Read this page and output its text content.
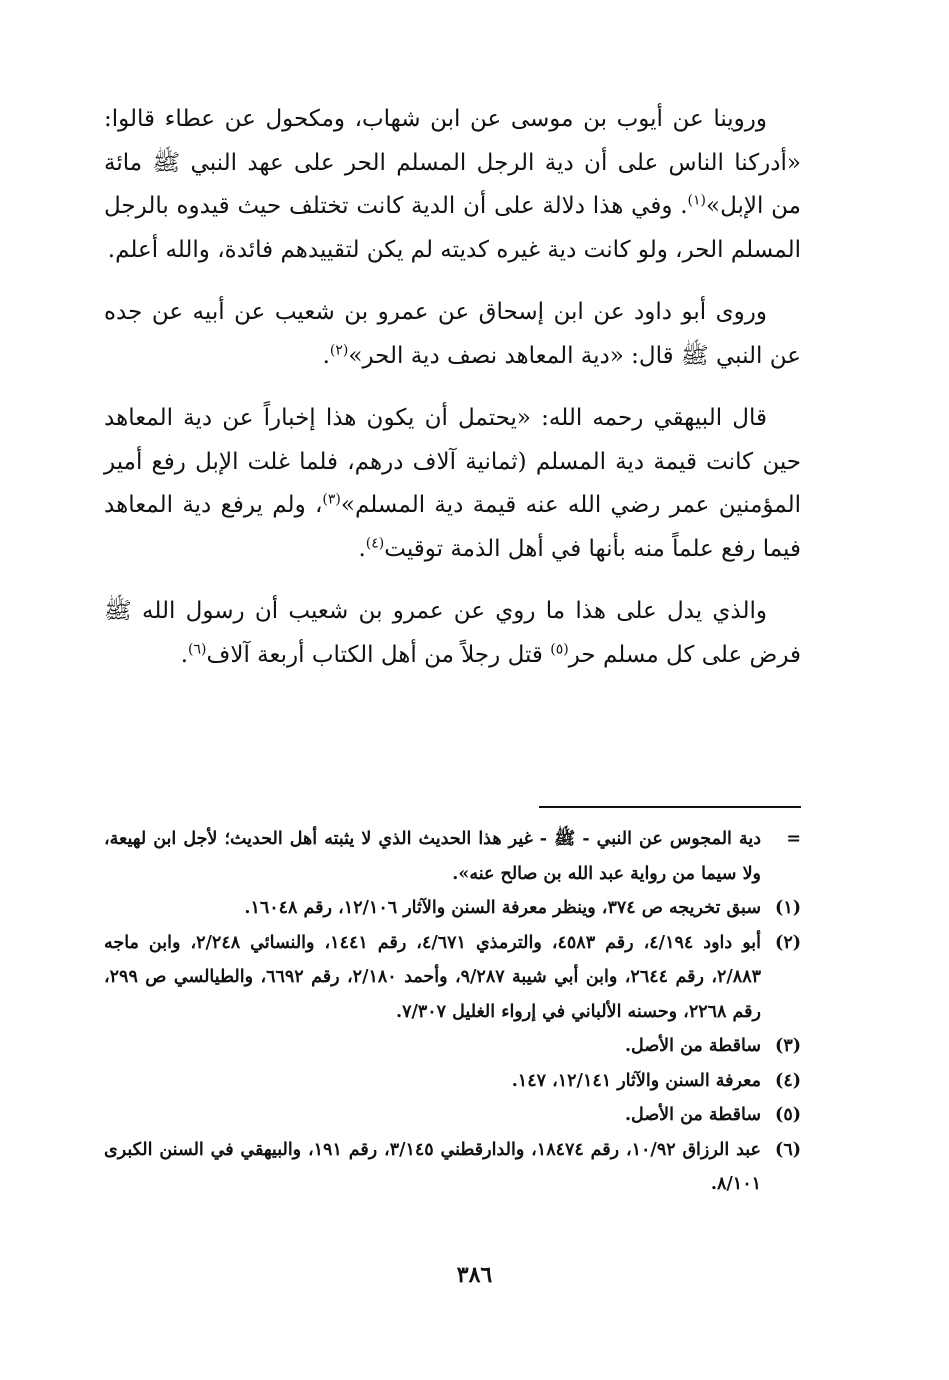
وروينا عن أيوب بن موسى عن ابن شهاب، ومكحول عن عطاء قالوا: «أدركنا الناس على أن دية الرجل المسلم الحر على عهد النبي ﷺ مائة من الإبل»$^{(١)}$. وفي هذا دلالة على أن الدية كانت تختلف حيث قيدوه بالرجل المسلم الحر، ولو كانت دية غيره كديته لم يكن لتقييدهم فائدة، والله أعلم.

وروى أبو داود عن ابن إسحاق عن عمرو بن شعيب عن أبيه عن جده عن النبي ﷺ قال: «دية المعاهد نصف دية الحر»$^{(٢)}$.

قال البيهقي رحمه الله: «يحتمل أن يكون هذا إخباراً عن دية المعاهد حين كانت قيمة دية المسلم (ثمانية آلاف درهم، فلما غلت الإبل رفع أمير المؤمنين عمر رضي الله عنه قيمة دية المسلم»$^{(٣)}$، ولم يرفع دية المعاهد فيما رفع علماً منه بأنها في أهل الذمة توقيت$^{(٤)}$.

والذي يدل على هذا ما روي عن عمرو بن شعيب أن رسول الله ﷺ فرض على كل مسلم حر$^{(٥)}$ قتل رجلاً من أهل الكتاب أربعة آلاف$^{(٦)}$.

=
دية المجوس عن النبي - ﷺ - غير هذا الحديث الذي لا يثبته أهل الحديث؛ لأجل ابن لهيعة، ولا سيما من رواية عبد الله بن صالح عنه».
(١)
سبق تخريجه ص ٣٧٤، وينظر معرفة السنن والآثار ١٢/١٠٦، رقم ١٦٠٤٨.
(٢)
أبو داود ٤/١٩٤، رقم ٤٥٨٣، والترمذي ٤/٦٧١، رقم ١٤٤١، والنسائي ٢/٢٤٨، وابن ماجه ٢/٨٨٣، رقم ٢٦٤٤، وابن أبي شيبة ٩/٢٨٧، وأحمد ٢/١٨٠، رقم ٦٦٩٢، والطيالسي ص ٢٩٩، رقم ٢٢٦٨، وحسنه الألباني في إرواء الغليل ٧/٣٠٧.
(٣)
ساقطة من الأصل.
(٤)
معرفة السنن والآثار ١٢/١٤١، ١٤٧.
(٥)
ساقطة من الأصل.
(٦)
عبد الرزاق ١٠/٩٢، رقم ١٨٤٧٤، والدارقطني ٣/١٤٥، رقم ١٩١، والبيهقي في السنن الكبرى ٨/١٠١.
٣٨٦
